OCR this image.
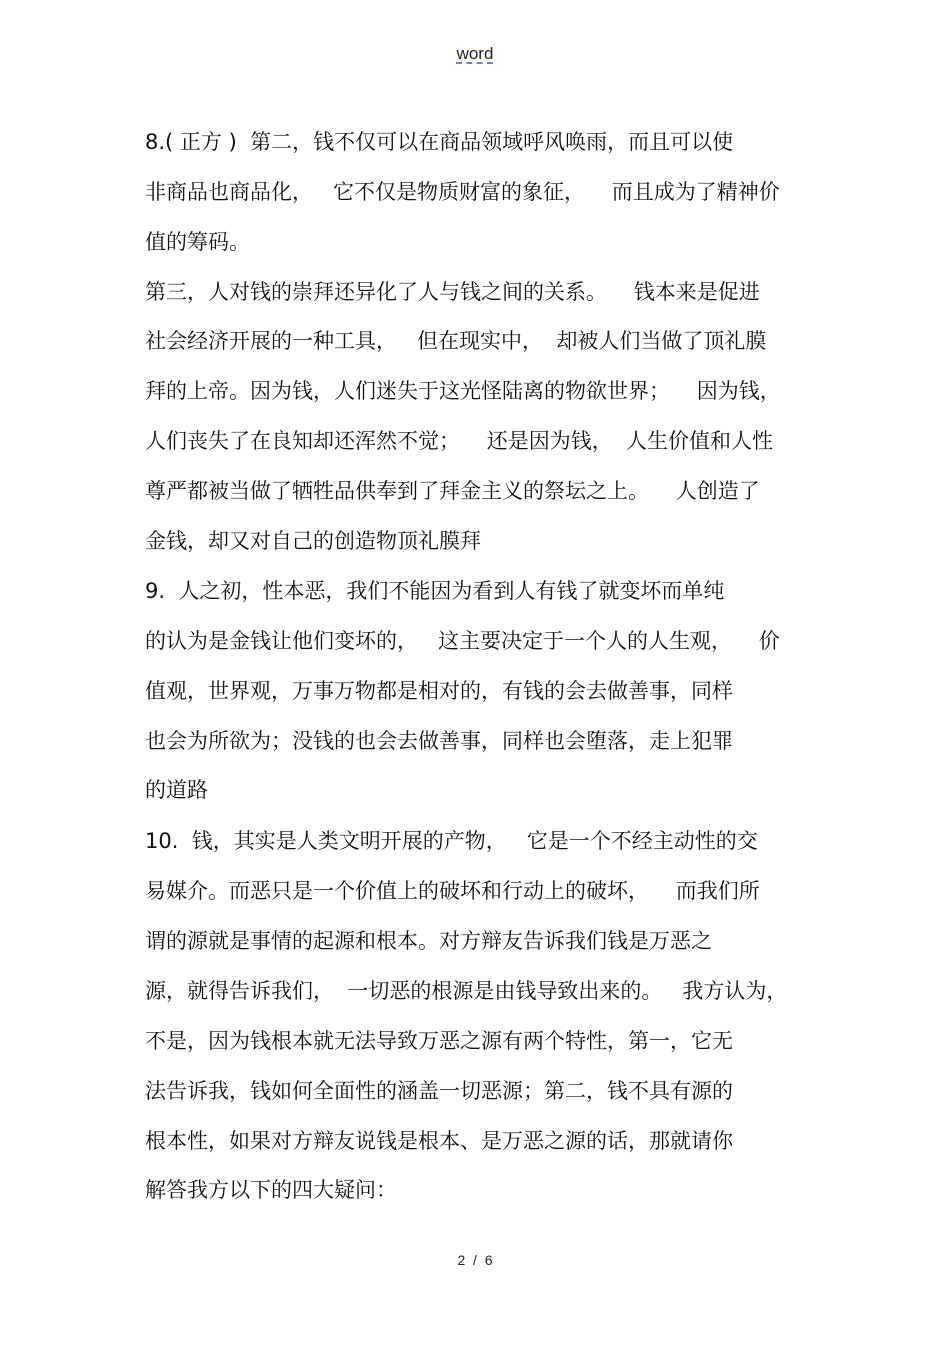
word
8.( 正方 )  第二，钱不仅可以在商品领域呼风唤雨，而且可以使
非商品也商品化，   它不仅是物质财富的象征，    而且成为了精神价
值的筹码。
第三，人对钱的崇拜还异化了人与钱之间的关系。    钱本来是促进
社会经济开展的一种工具，   但在现实中，  却被人们当做了顶礼膜
拜的上帝。因为钱，人们迷失于这光怪陆离的物欲世界；    因为钱，
人们丧失了在良知却还浑然不觉；    还是因为钱，  人生价值和人性
尊严都被当做了牺牲品供奉到了拜金主义的祭坛之上。    人创造了
金钱，却又对自己的创造物顶礼膜拜
9.  人之初，性本恶，我们不能因为看到人有钱了就变坏而单纯
的认为是金钱让他们变坏的，   这主要决定于一个人的人生观，    价
值观，世界观，万事万物都是相对的，有钱的会去做善事，同样
也会为所欲为；没钱的也会去做善事，同样也会堕落，走上犯罪
的道路
10.  钱，其实是人类文明开展的产物，   它是一个不经主动性的交
易媒介。而恶只是一个价值上的破坏和行动上的破坏，    而我们所
谓的源就是事情的起源和根本。对方辩友告诉我们钱是万恶之
源，就得告诉我们，  一切恶的根源是由钱导致出来的。   我方认为，
不是，因为钱根本就无法导致万恶之源有两个特性，第一，它无
法告诉我，钱如何全面性的涵盖一切恶源；第二，钱不具有源的
根本性，如果对方辩友说钱是根本、是万恶之源的话，那就请你
解答我方以下的四大疑问：
2  /  6
